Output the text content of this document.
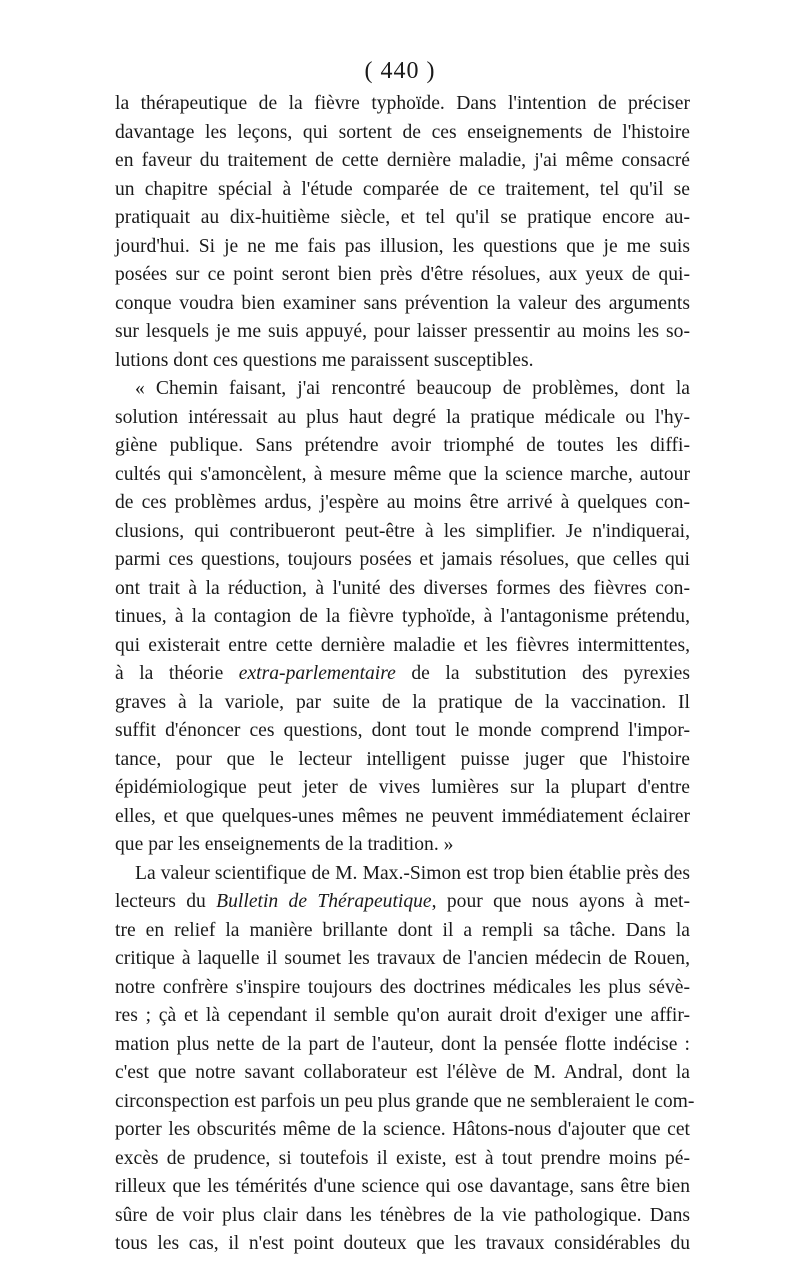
( 440 )
la thérapeutique de la fièvre typhoïde. Dans l'intention de préciser
davantage les leçons, qui sortent de ces enseignements de l'histoire
en faveur du traitement de cette dernière maladie, j'ai même consacré
un chapitre spécial à l'étude comparée de ce traitement, tel qu'il se
pratiquait au dix-huitième siècle, et tel qu'il se pratique encore au-
jourd'hui. Si je ne me fais pas illusion, les questions que je me suis
posées sur ce point seront bien près d'être résolues, aux yeux de qui-
conque voudra bien examiner sans prévention la valeur des arguments
sur lesquels je me suis appuyé, pour laisser pressentir au moins les so-
lutions dont ces questions me paraissent susceptibles.
« Chemin faisant, j'ai rencontré beaucoup de problèmes, dont la
solution intéressait au plus haut degré la pratique médicale ou l'hy-
giène publique. Sans prétendre avoir triomphé de toutes les diffi-
cultés qui s'amoncèlent, à mesure même que la science marche, autour
de ces problèmes ardus, j'espère au moins être arrivé à quelques con-
clusions, qui contribueront peut-être à les simplifier. Je n'indiquerai,
parmi ces questions, toujours posées et jamais résolues, que celles qui
ont trait à la réduction, à l'unité des diverses formes des fièvres con-
tinues, à la contagion de la fièvre typhoïde, à l'antagonisme prétendu,
qui existerait entre cette dernière maladie et les fièvres intermittentes,
à la théorie extra-parlementaire de la substitution des pyrexies
graves à la variole, par suite de la pratique de la vaccination. Il
suffit d'énoncer ces questions, dont tout le monde comprend l'impor-
tance, pour que le lecteur intelligent puisse juger que l'histoire
épidémiologique peut jeter de vives lumières sur la plupart d'entre
elles, et que quelques-unes mêmes ne peuvent immédiatement éclairer
que par les enseignements de la tradition. »
La valeur scientifique de M. Max.-Simon est trop bien établie près des
lecteurs du Bulletin de Thérapeutique, pour que nous ayons à met-
tre en relief la manière brillante dont il a rempli sa tâche. Dans la
critique à laquelle il soumet les travaux de l'ancien médecin de Rouen,
notre confrère s'inspire toujours des doctrines médicales les plus sévè-
res ; çà et là cependant il semble qu'on aurait droit d'exiger une affir-
mation plus nette de la part de l'auteur, dont la pensée flotte indécise :
c'est que notre savant collaborateur est l'élève de M. Andral, dont la
circonspection est parfois un peu plus grande que ne sembleraient le com-
porter les obscurités même de la science. Hâtons-nous d'ajouter que cet
excès de prudence, si toutefois il existe, est à tout prendre moins pé-
rilleux que les témérités d'une science qui ose davantage, sans être bien
sûre de voir plus clair dans les ténèbres de la vie pathologique. Dans
tous les cas, il n'est point douteux que les travaux considérables du
